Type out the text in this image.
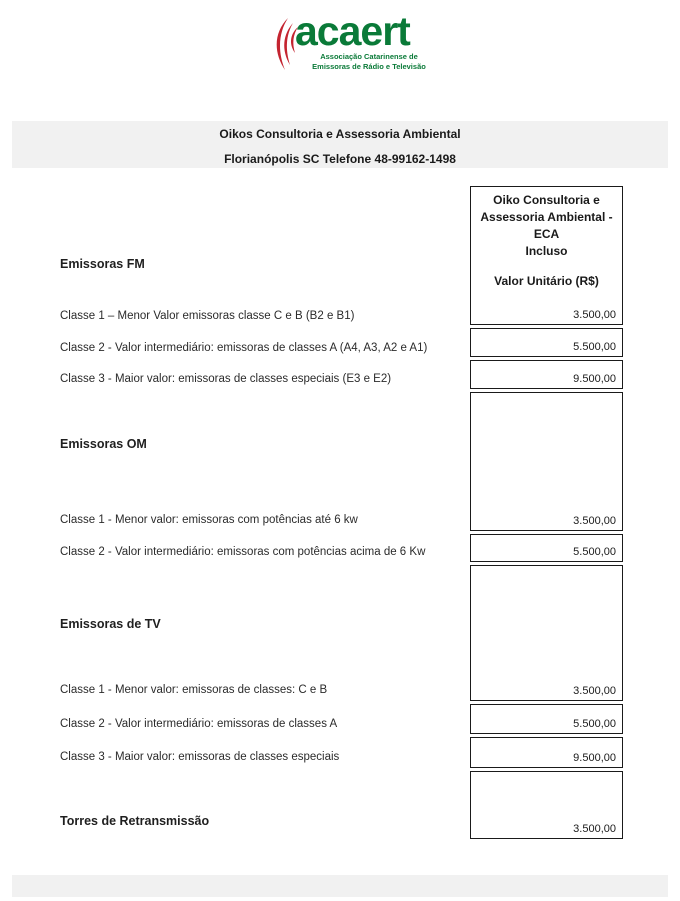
acaert
Associação Catarinense de
Emissoras de Rádio e Televisão
Oikos Consultoria e Assessoria Ambiental
Florianópolis SC Telefone 48-99162-1498
Emissoras FM
Classe 1 – Menor Valor emissoras classe C e B (B2 e B1)
Classe 2 - Valor intermediário: emissoras de classes A (A4, A3, A2 e A1)
Classe 3 - Maior valor: emissoras de classes especiais (E3 e E2)
Emissoras OM
Classe 1 - Menor valor: emissoras com potências até 6 kw
Classe 2 - Valor intermediário: emissoras com potências acima de 6 Kw
Emissoras de TV
Classe 1 - Menor valor: emissoras de classes: C e B
Classe 2 - Valor intermediário: emissoras de classes A
Classe 3 - Maior valor: emissoras de classes especiais
Torres de Retransmissão
Oiko Consultoria e
Assessoria Ambiental - ECA
Incluso
Valor Unitário (R$)
3.500,00
5.500,00
9.500,00
3.500,00
5.500,00
3.500,00
5.500,00
9.500,00
3.500,00
